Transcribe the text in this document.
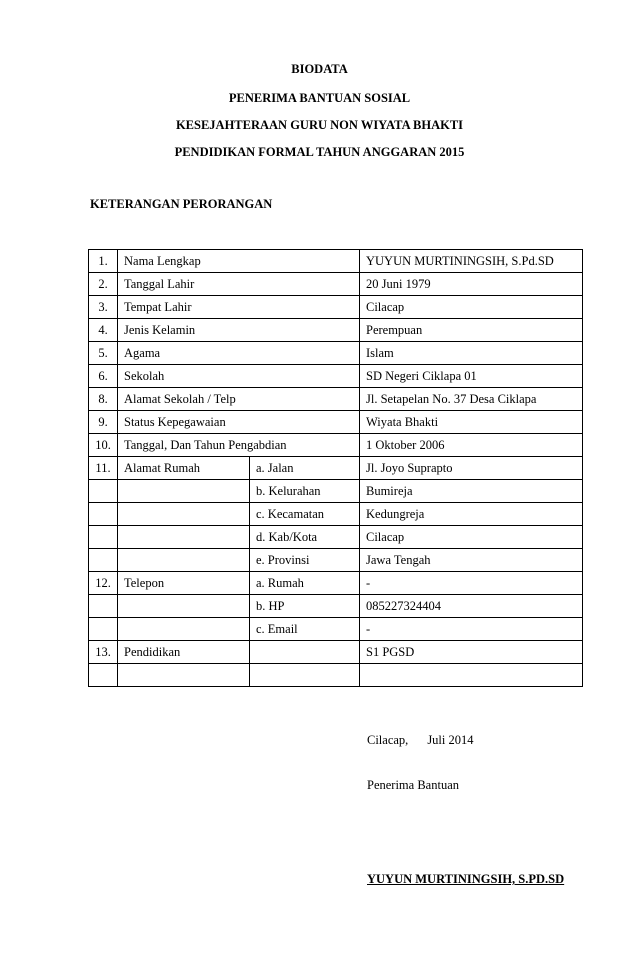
BIODATA
PENERIMA BANTUAN SOSIAL
KESEJAHTERAAN GURU NON WIYATA BHAKTI
PENDIDIKAN FORMAL TAHUN ANGGARAN 2015
KETERANGAN PERORANGAN
1.	Nama Lengkap		YUYUN MURTININGSIH, S.Pd.SD
2.	Tanggal Lahir		20 Juni 1979
3.	Tempat Lahir		Cilacap
4.	Jenis Kelamin		Perempuan
5.	Agama		Islam
6.	Sekolah		SD Negeri Ciklapa 01
8.	Alamat Sekolah / Telp		Jl. Setapelan No. 37 Desa Ciklapa
9.	Status Kepegawaian		Wiyata Bhakti
10.	Tanggal, Dan Tahun Pengabdian		1 Oktober 2006
11.	Alamat Rumah	a. Jalan	Jl. Joyo Suprapto
		b. Kelurahan	Bumireja
		c. Kecamatan	Kedungreja
		d. Kab/Kota	Cilacap
		e. Provinsi	Jawa Tengah
12.	Telepon	a. Rumah	-
		b. HP	085227324404
		c. Email	-
13.	Pendidikan		S1 PGSD

Cilacap, Juli 2014
Penerima Bantuan
YUYUN MURTININGSIH, S.PD.SD
